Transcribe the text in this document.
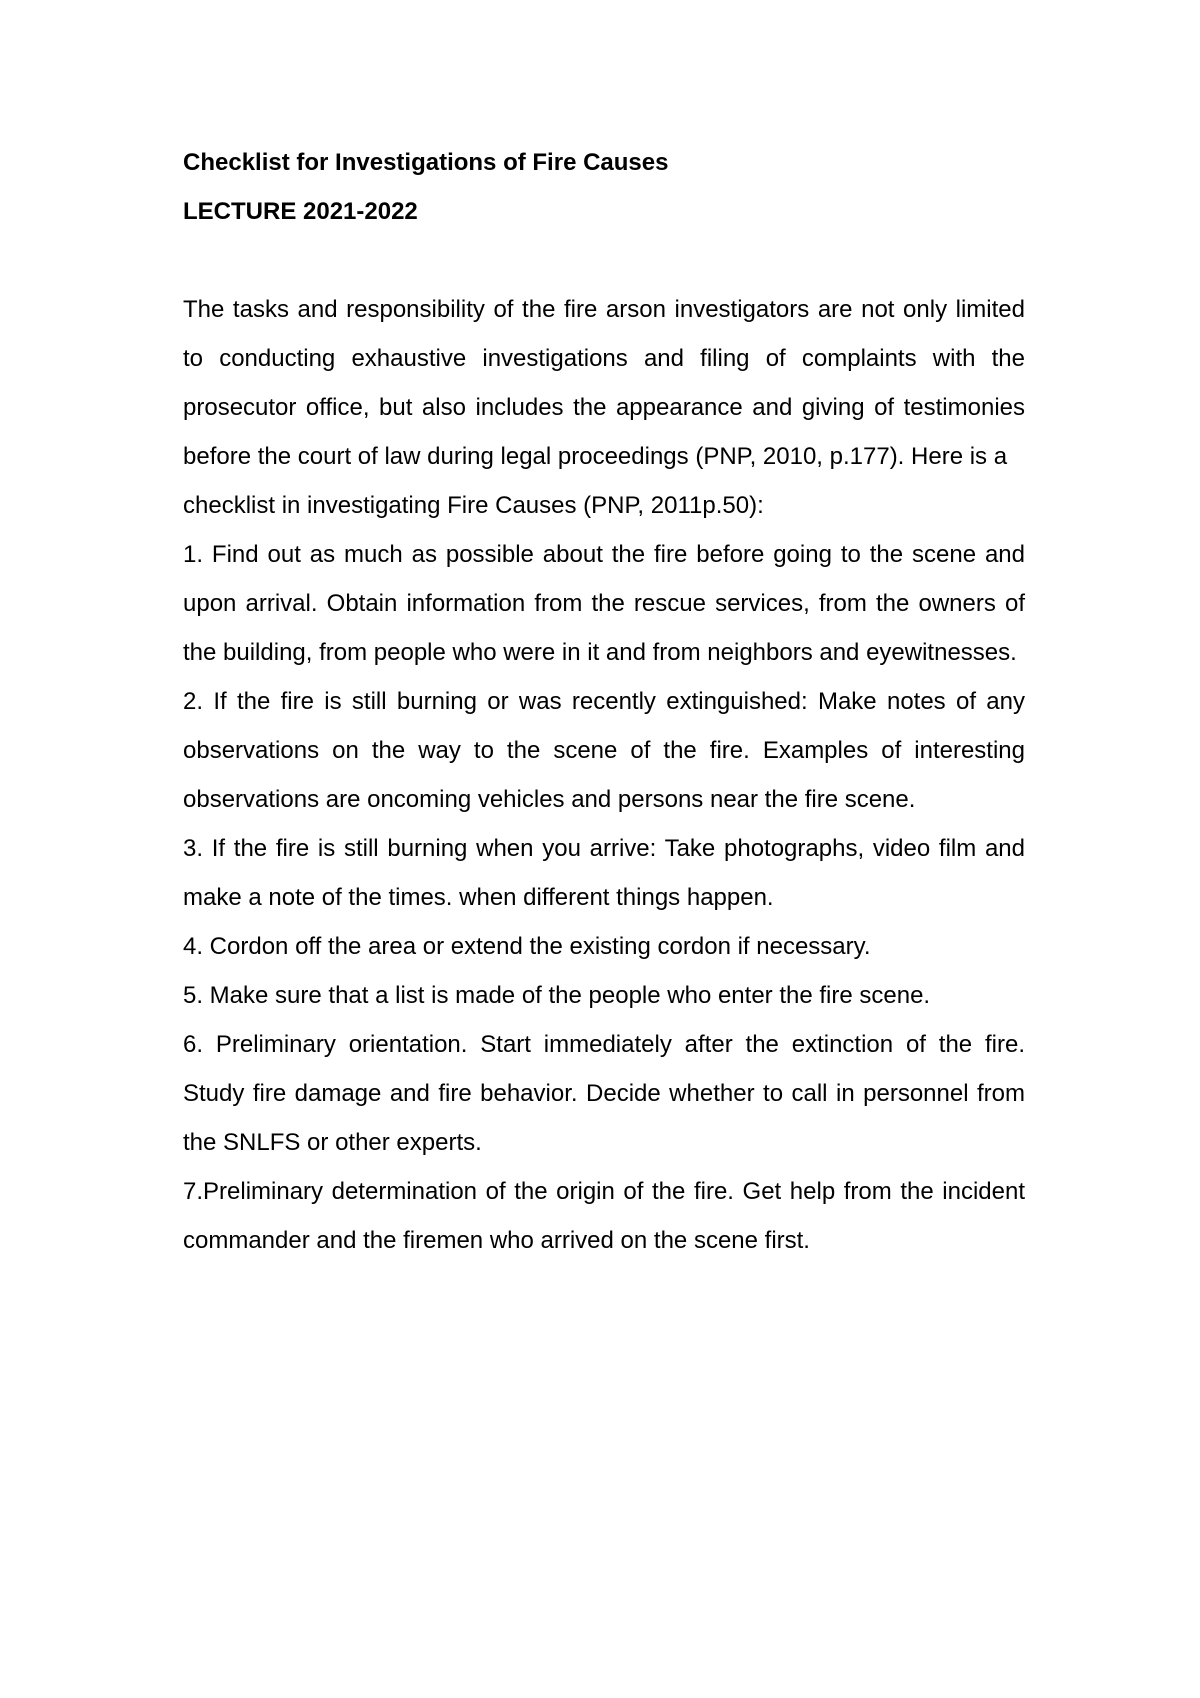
Checklist for Investigations of Fire Causes

LECTURE 2021-2022

The tasks and responsibility of the fire arson investigators are not only limited to conducting exhaustive investigations and filing of complaints with the prosecutor office, but also includes the appearance and giving of testimonies before the court of law during legal proceedings (PNP, 2010, p.177). Here is a

checklist in investigating Fire Causes (PNP, 2011p.50):

1. Find out as much as possible about the fire before going to the scene and upon arrival. Obtain information from the rescue services, from the owners of the building, from people who were in it and from neighbors and eyewitnesses.

2. If the fire is still burning or was recently extinguished: Make notes of any observations on the way to the scene of the fire. Examples of interesting observations are oncoming vehicles and persons near the fire scene.

3. If the fire is still burning when you arrive: Take photographs, video film and make a note of the times. when different things happen.

4. Cordon off the area or extend the existing cordon if necessary.

5. Make sure that a list is made of the people who enter the fire scene.

6. Preliminary orientation. Start immediately after the extinction of the fire. Study fire damage and fire behavior. Decide whether to call in personnel from the SNLFS or other experts.

7.Preliminary determination of the origin of the fire. Get help from the incident commander and the firemen who arrived on the scene first.
